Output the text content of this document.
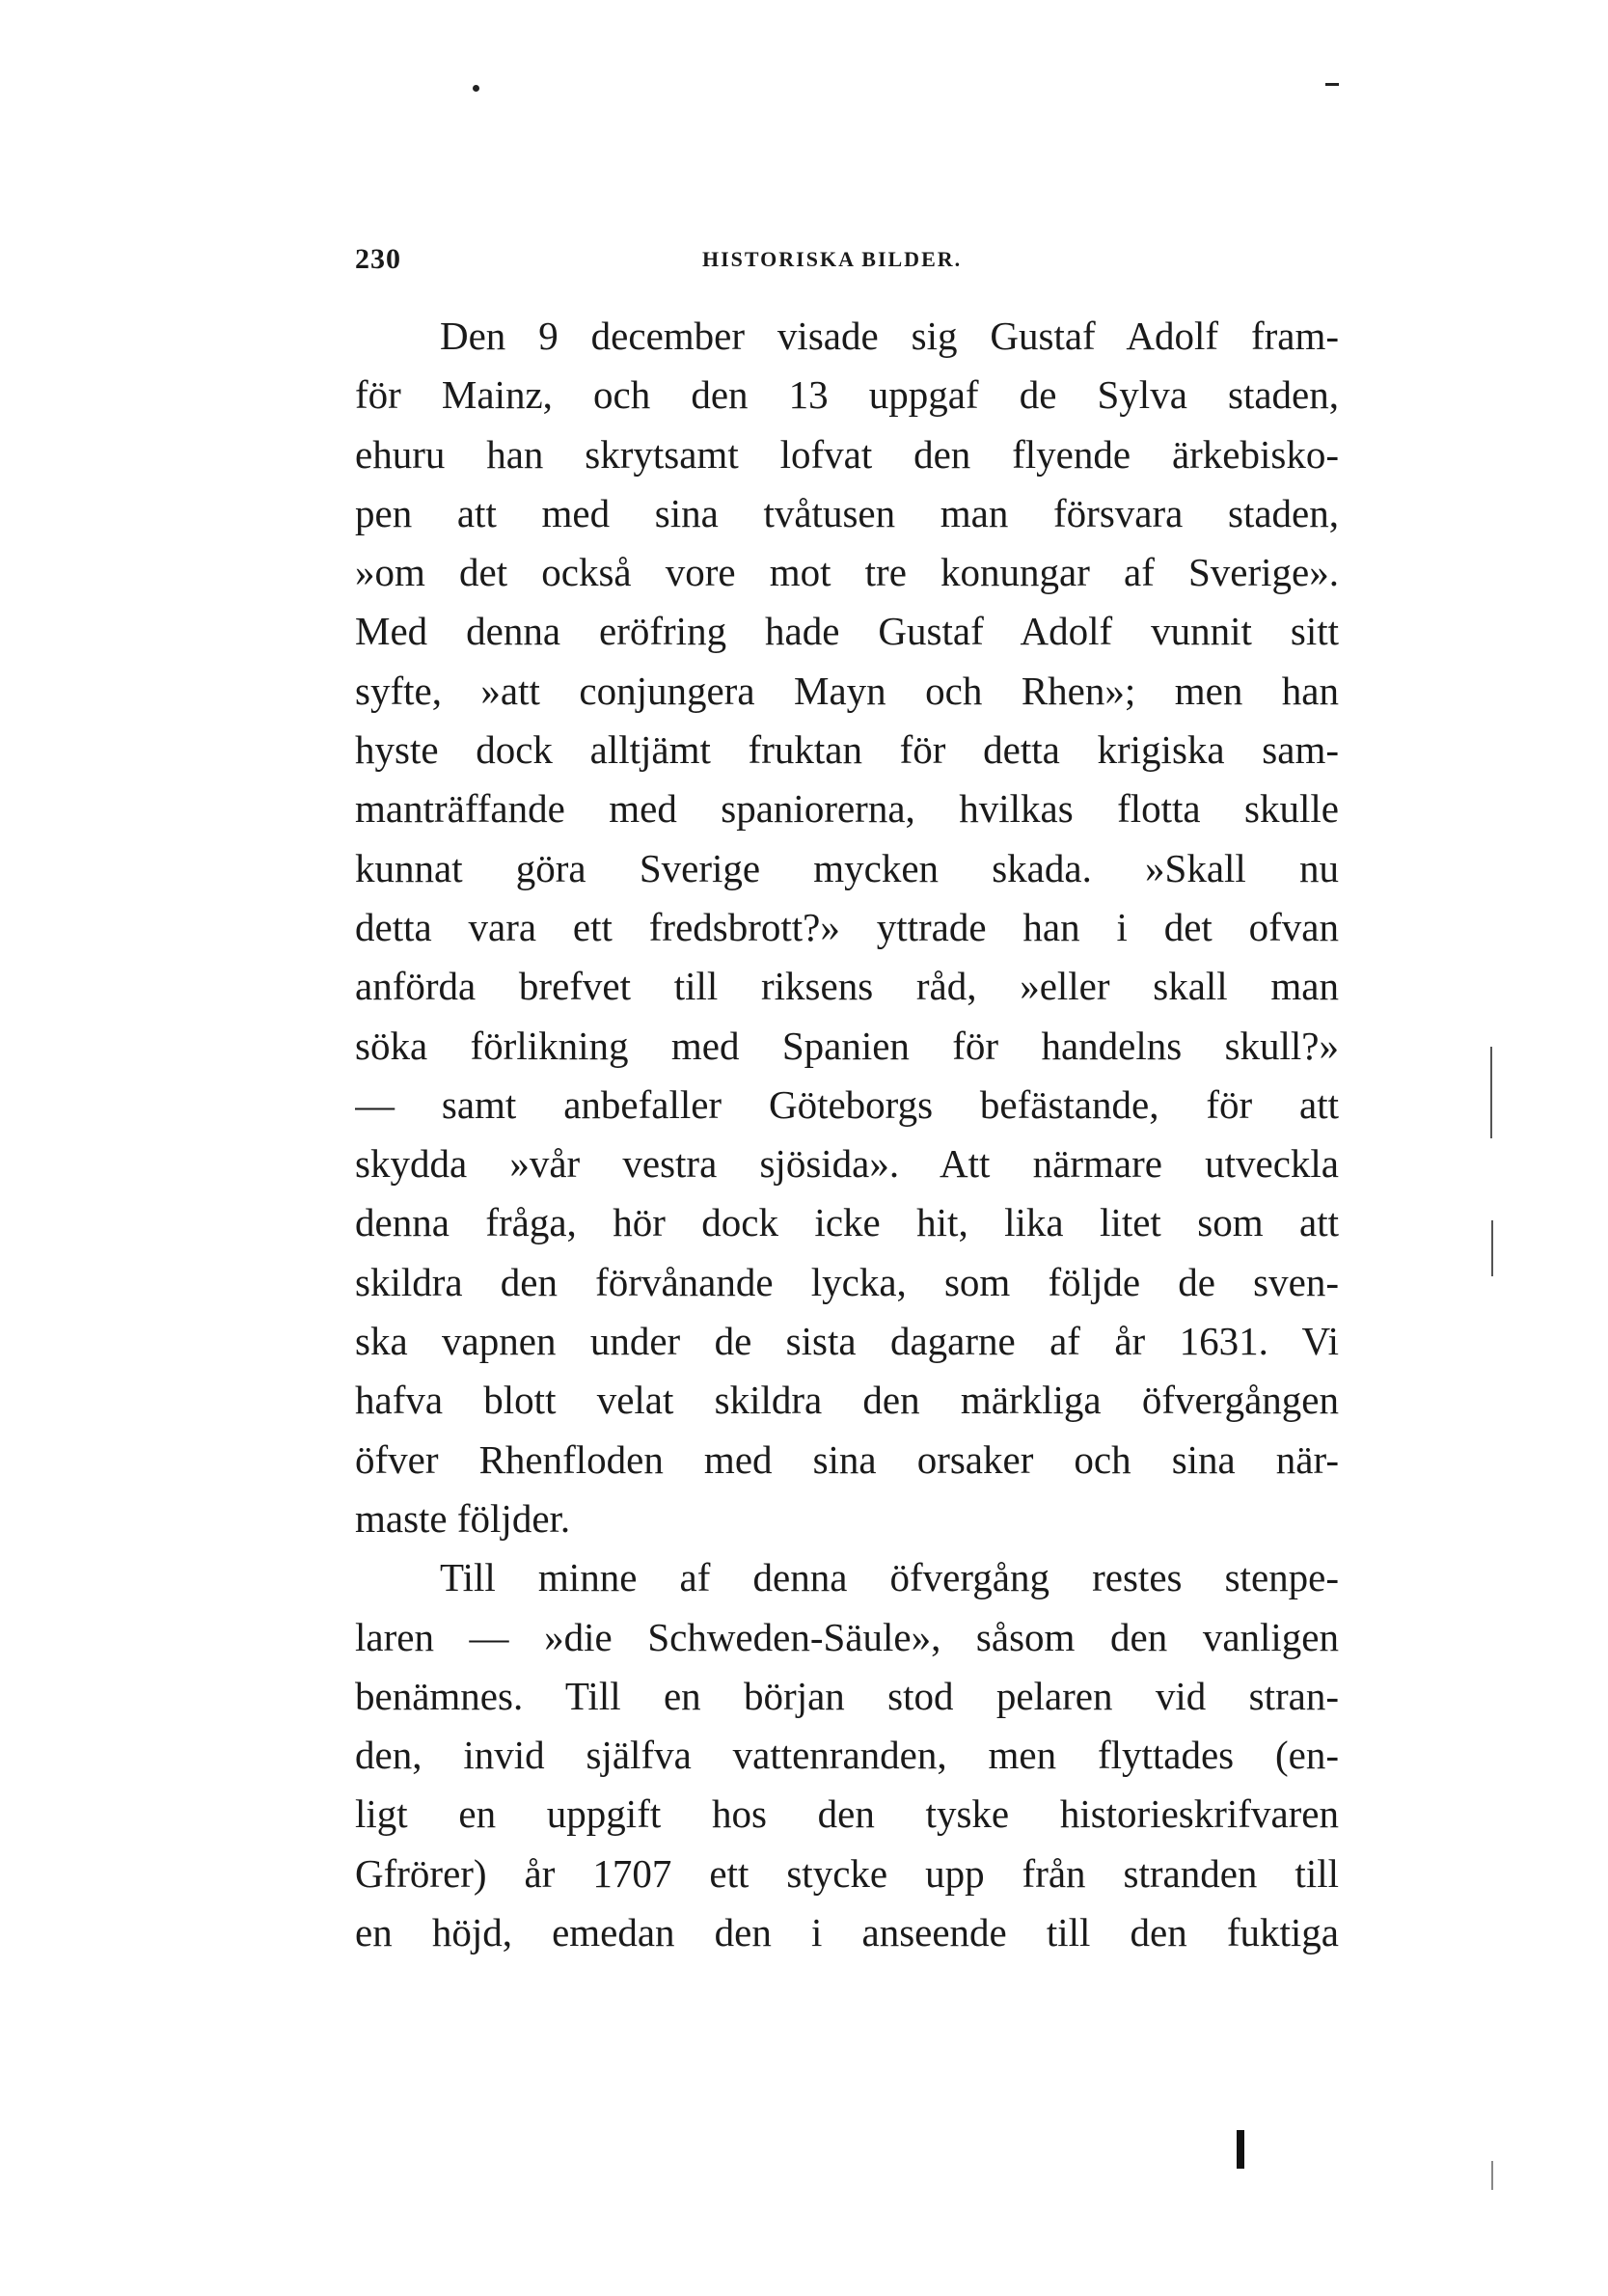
230	HISTORISKA BILDER.
Den 9 december visade sig Gustaf Adolf fram-
för Mainz, och den 13 uppgaf de Sylva staden,
ehuru han skrytsamt lofvat den flyende ärkebisko-
pen att med sina tvåtusen man försvara staden,
»om det också vore mot tre konungar af Sverige».
Med denna eröfring hade Gustaf Adolf vunnit sitt
syfte, »att conjungera Mayn och Rhen»; men han
hyste dock alltjämt fruktan för detta krigiska sam-
manträffande med spaniorerna, hvilkas flotta skulle
kunnat göra Sverige mycken skada. »Skall nu
detta vara ett fredsbrott?» yttrade han i det ofvan
anförda brefvet till riksens råd, »eller skall man
söka förlikning med Spanien för handelns skull?»
— samt anbefaller Göteborgs befästande, för att
skydda »vår vestra sjösida». Att närmare utveckla
denna fråga, hör dock icke hit, lika litet som att
skildra den förvånande lycka, som följde de sven-
ska vapnen under de sista dagarne af år 1631. Vi
hafva blott velat skildra den märkliga öfvergången
öfver Rhenfloden med sina orsaker och sina när-
maste följder.
Till minne af denna öfvergång restes stenpe-
laren — »die Schweden-Säule», såsom den vanligen
benämnes. Till en början stod pelaren vid stran-
den, invid själfva vattenranden, men flyttades (en-
ligt en uppgift hos den tyske historieskrifvaren
Gfrörer) år 1707 ett stycke upp från stranden till
en höjd, emedan den i anseende till den fuktiga
